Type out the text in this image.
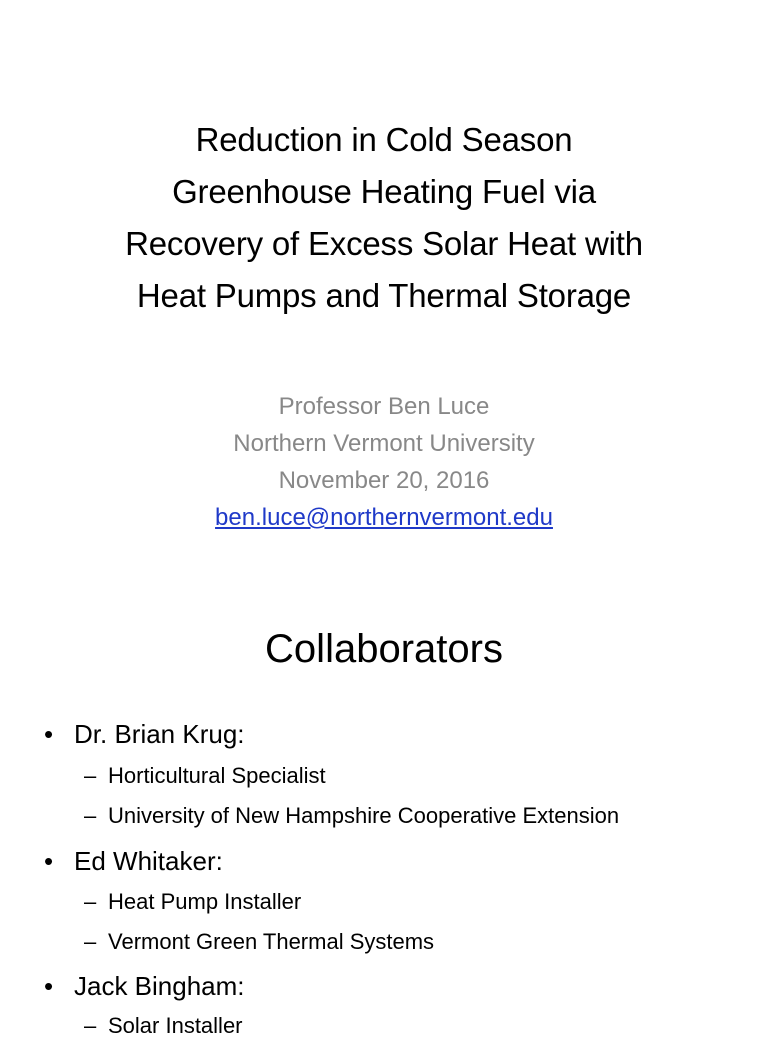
Reduction in Cold Season
Greenhouse Heating Fuel via
Recovery of Excess Solar Heat with
Heat Pumps and Thermal Storage
Professor Ben Luce
Northern Vermont University
November 20, 2016
ben.luce@northernvermont.edu
Collaborators
• Dr. Brian Krug:
– Horticultural Specialist
– University of New Hampshire Cooperative Extension
• Ed Whitaker:
– Heat Pump Installer
– Vermont Green Thermal Systems
• Jack Bingham:
– Solar Installer
